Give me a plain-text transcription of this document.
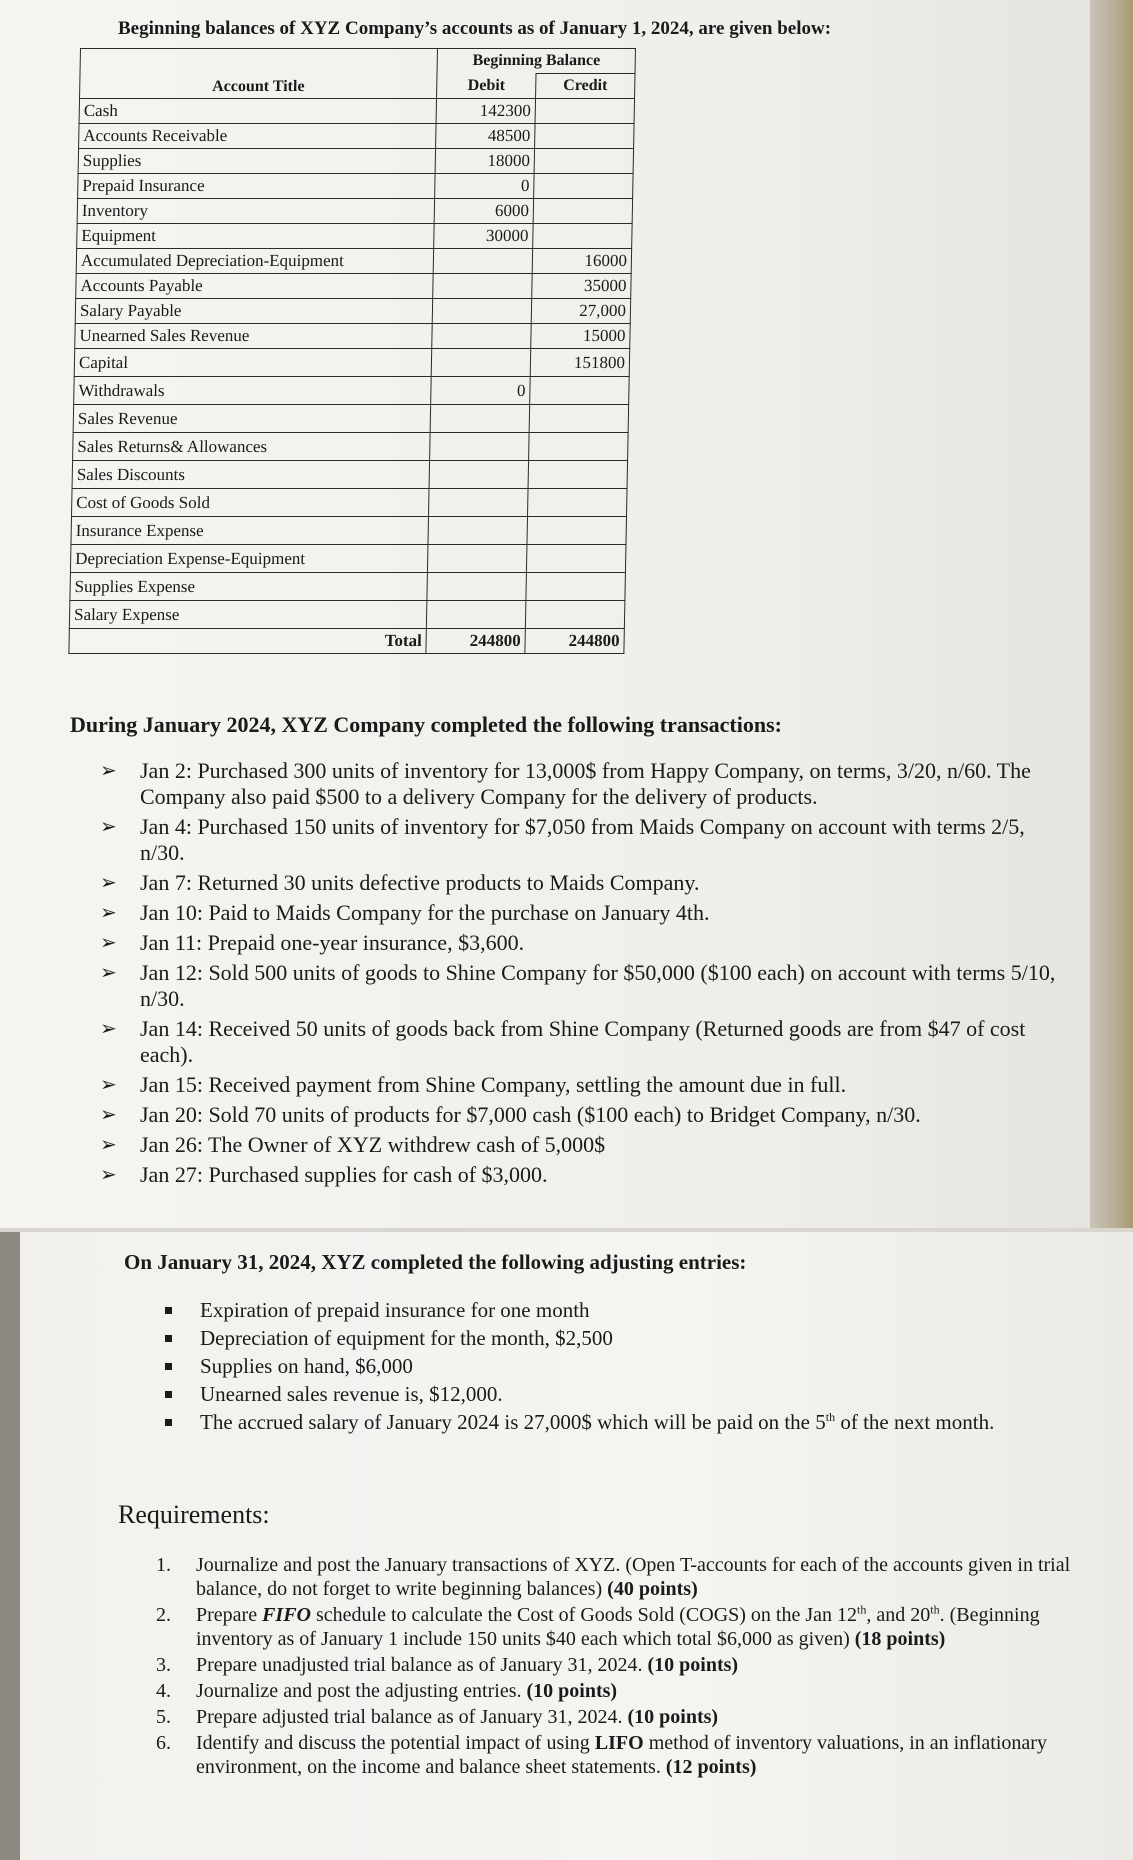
Beginning balances of XYZ Company’s accounts as of January 1, 2024, are given below:
Account Title	Beginning Balance	
	Debit	Credit
Cash	142300	
Accounts Receivable	48500	
Supplies	18000	
Prepaid Insurance	0	
Inventory	6000	
Equipment	30000	
Accumulated Depreciation-Equipment		16000
Accounts Payable		35000
Salary Payable		27,000
Unearned Sales Revenue		15000
Capital		151800
Withdrawals	0	
Sales Revenue		
Sales Returns& Allowances		
Sales Discounts		
Cost of Goods Sold		
Insurance Expense		
Depreciation Expense-Equipment		
Supplies Expense		
Salary Expense		
Total	244800	244800
During January 2024, XYZ Company completed the following transactions:
➢ Jan 2: Purchased 300 units of inventory for 13,000$ from Happy Company, on terms, 3/20, n/60. The Company also paid $500 to a delivery Company for the delivery of products.
➢ Jan 4: Purchased 150 units of inventory for $7,050 from Maids Company on account with terms 2/5, n/30.
➢ Jan 7: Returned 30 units defective products to Maids Company.
➢ Jan 10: Paid to Maids Company for the purchase on January 4th.
➢ Jan 11: Prepaid one-year insurance, $3,600.
➢ Jan 12: Sold 500 units of goods to Shine Company for $50,000 ($100 each) on account with terms 5/10, n/30.
➢ Jan 14: Received 50 units of goods back from Shine Company (Returned goods are from $47 of cost each).
➢ Jan 15: Received payment from Shine Company, settling the amount due in full.
➢ Jan 20: Sold 70 units of products for $7,000 cash ($100 each) to Bridget Company, n/30.
➢ Jan 26: The Owner of XYZ withdrew cash of 5,000$
➢ Jan 27: Purchased supplies for cash of $3,000.
On January 31, 2024, XYZ completed the following adjusting entries:
Expiration of prepaid insurance for one month
Depreciation of equipment for the month, $2,500
Supplies on hand, $6,000
Unearned sales revenue is, $12,000.
The accrued salary of January 2024 is 27,000$ which will be paid on the 5th of the next month.
Requirements:
1. Journalize and post the January transactions of XYZ. (Open T-accounts for each of the accounts given in trial balance, do not forget to write beginning balances) (40 points)
2. Prepare FIFO schedule to calculate the Cost of Goods Sold (COGS) on the Jan 12th, and 20th. (Beginning inventory as of January 1 include 150 units $40 each which total $6,000 as given) (18 points)
3. Prepare unadjusted trial balance as of January 31, 2024. (10 points)
4. Journalize and post the adjusting entries. (10 points)
5. Prepare adjusted trial balance as of January 31, 2024. (10 points)
6. Identify and discuss the potential impact of using LIFO method of inventory valuations, in an inflationary environment, on the income and balance sheet statements. (12 points)
